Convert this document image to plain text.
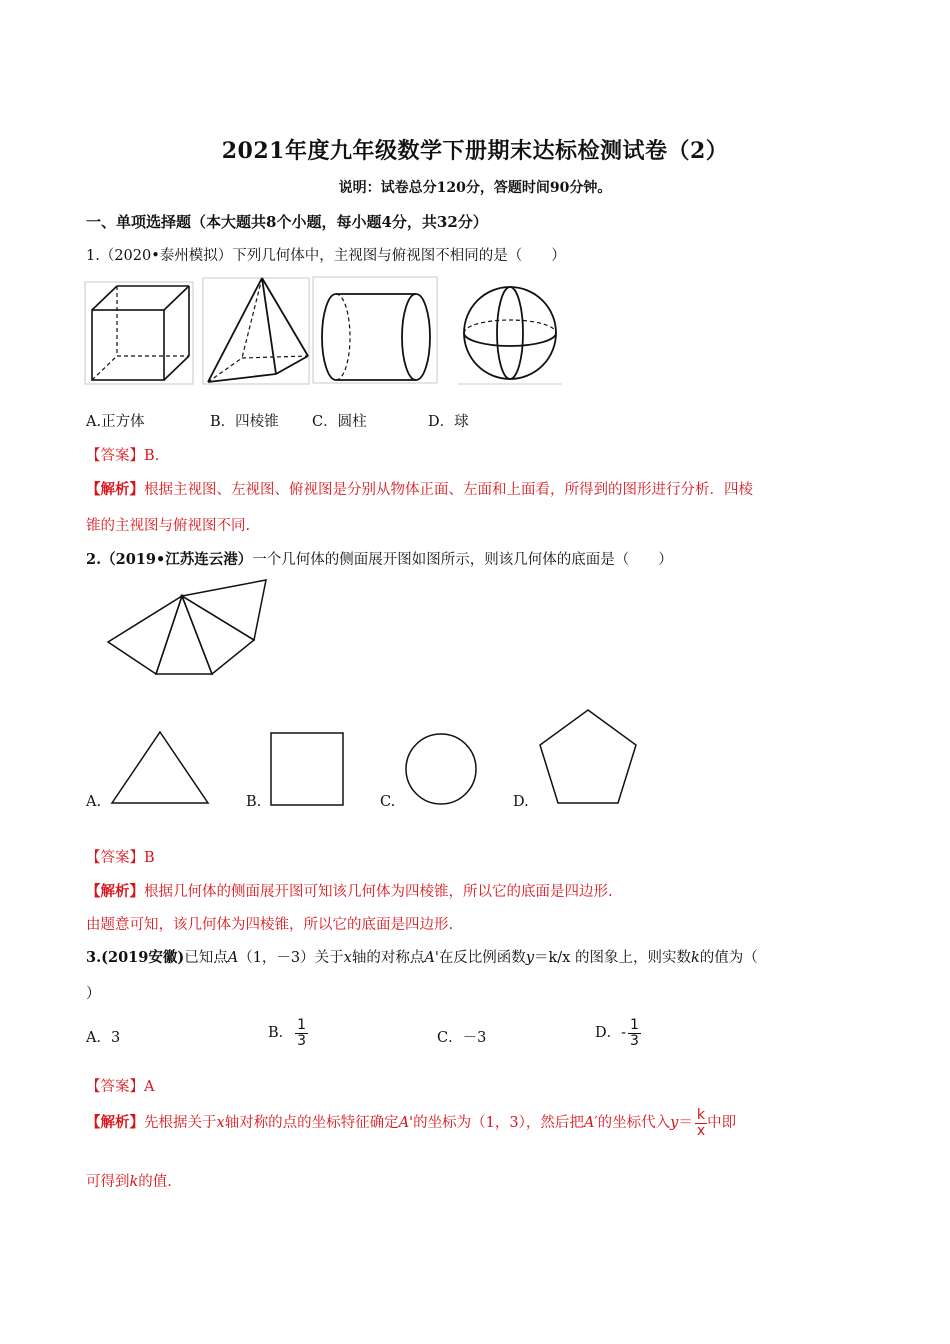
2021年度九年级数学下册期末达标检测试卷（2）
说明：试卷总分120分，答题时间90分钟。
一、单项选择题（本大题共8个小题，每小题4分，共32分）
1.（2020•泰州模拟）下列几何体中，主视图与俯视图不相同的是（　　）
A.正方体	B．四棱锥 C．圆柱	D．球
【答案】B.
【解析】根据主视图、左视图、俯视图是分别从物体正面、左面和上面看，所得到的图形进行分析．四棱
锥的主视图与俯视图不同.
2.（2019•江苏连云港）一个几何体的侧面展开图如图所示，则该几何体的底面是（　　）
A.	B.	C.	D.
【答案】B
【解析】根据几何体的侧面展开图可知该几何体为四棱锥，所以它的底面是四边形.
由题意可知，该几何体为四棱锥，所以它的底面是四边形.
3.(2019安徽)已知点A（1，－3）关于x轴的对称点A'在反比例函数y＝k/x 的图象上，则实数k的值为（
）
A．3	B． $\frac{1}{3}$	C．－3	D．- $\frac{1}{3}$
【答案】A
【解析】先根据关于x轴对称的点的坐标特征确定A'的坐标为（1，3），然后把A′的坐标代入$y= \frac{k}{x}$ 中即
可得到k的值.
